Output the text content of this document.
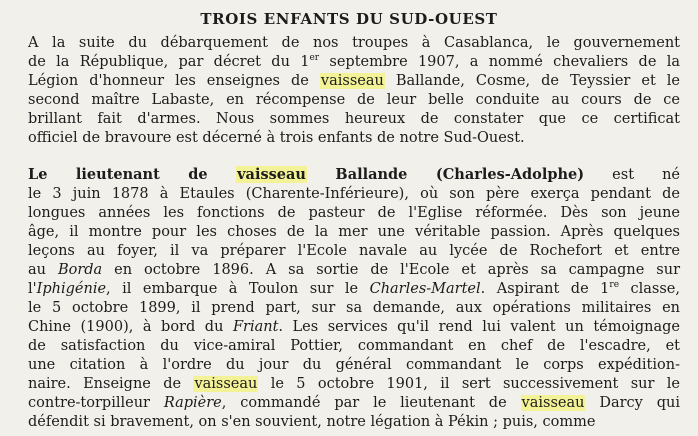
TROIS ENFANTS DU SUD-OUEST
A la suite du débarquement de nos troupes à Casablanca, le gouvernement
de la République, par décret du 1er septembre 1907, a nommé chevaliers de la
Légion d'honneur les enseignes de vaisseau Ballande, Cosme, de Teyssier et le
second maître Labaste, en récompense de leur belle conduite au cours de ce
brillant fait d'armes. Nous sommes heureux de constater que ce certificat
officiel de bravoure est décerné à trois enfants de notre Sud-Ouest.
Le lieutenant de vaisseau Ballande (Charles-Adolphe) est né
le 3 juin 1878 à Etaules (Charente-Inférieure), où son père exerça pendant de
longues années les fonctions de pasteur de l'Eglise réformée. Dès son jeune
âge, il montre pour les choses de la mer une véritable passion. Après quelques
leçons au foyer, il va préparer l'Ecole navale au lycée de Rochefort et entre
au Borda en octobre 1896. A sa sortie de l'Ecole et après sa campagne sur
l'Iphigénie, il embarque à Toulon sur le Charles-Martel. Aspirant de 1re classe,
le 5 octobre 1899, il prend part, sur sa demande, aux opérations militaires en
Chine (1900), à bord du Friant. Les services qu'il rend lui valent un témoignage
de satisfaction du vice-amiral Pottier, commandant en chef de l'escadre, et
une citation à l'ordre du jour du général commandant le corps expédition-
naire. Enseigne de vaisseau le 5 octobre 1901, il sert successivement sur le
contre-torpilleur Rapière, commandé par le lieutenant de vaisseau Darcy qui
défendit si bravement, on s'en souvient, notre légation à Pékin ; puis, comme
